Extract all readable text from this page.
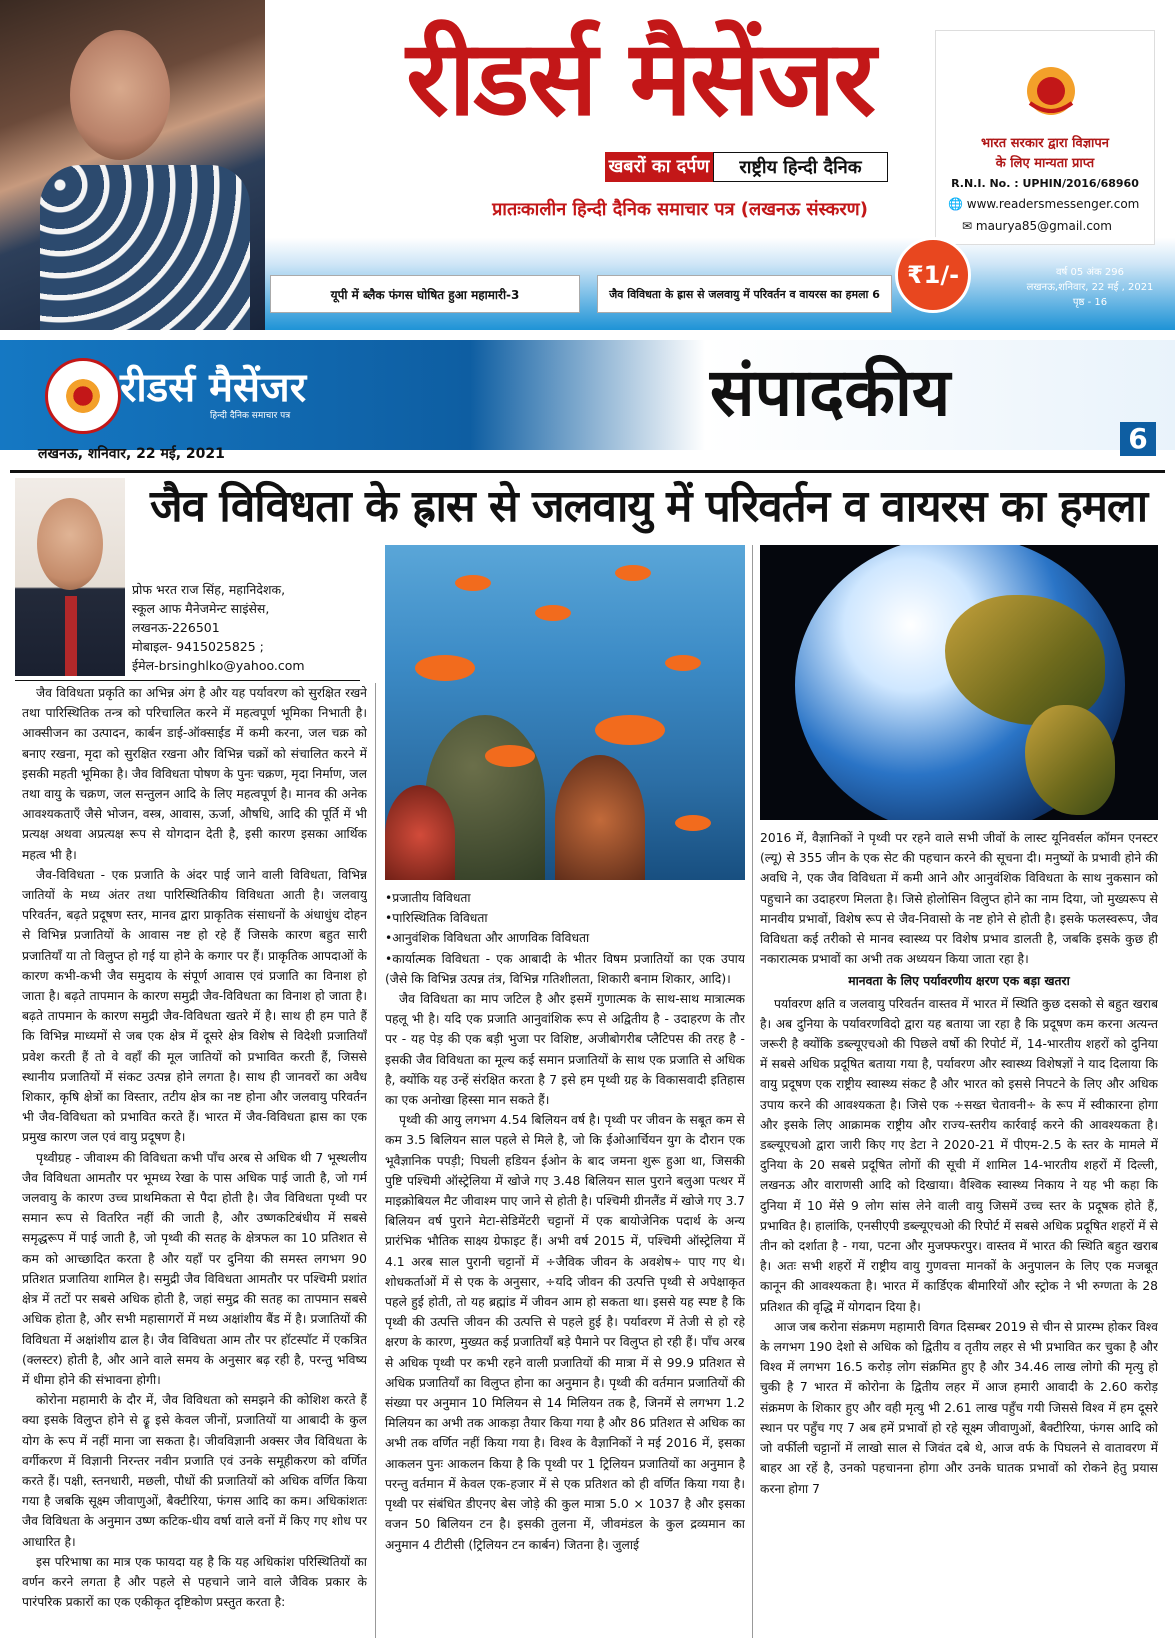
रीडर्स मैसेंजर
खबरों का दर्पण	राष्ट्रीय हिन्दी दैनिक
प्रातःकालीन हिन्दी दैनिक समाचार पत्र (लखनऊ संस्करण)
भारत सरकार द्वारा विज्ञापन
के लिए मान्यता प्राप्त
R.N.I. No. : UPHIN/2016/68960
🌐 www.readersmessenger.com
✉ maurya85@gmail.com
₹1/-	वर्ष 05 अंक 296
लखनऊ,शनिवार, 22 मई , 2021
पृष्ठ - 16
यूपी में ब्लैक फंगस घोषित हुआ महामारी-3	जैव विविधता के ह्रास से जलवायु में परिवर्तन व वायरस का हमला 6
रीडर्स मैसेंजर
हिन्दी दैनिक समाचार पत्र	संपादकीय
6
लखनऊ, शनिवार, 22 मई, 2021
जैव विविधता के ह्रास से जलवायु में परिवर्तन व वायरस का हमला
प्रोफ भरत राज सिंह, महानिदेशक,
स्कूल आफ मैनेजमेन्ट साइंसेस,
लखनऊ-226501
मोबाइल- 9415025825 ;
ईमेल-brsinghlko@yahoo.com

जैव विविधता प्रकृति का अभिन्न अंग है और यह पर्यावरण को सुरक्षित रखने तथा पारिस्थितिक तन्त्र को परिचालित करने में महत्वपूर्ण भूमिका निभाती है। आक्सीजन का उत्पादन, कार्बन डाई-ऑक्साईड में कमी करना, जल चक्र को बनाए रखना, मृदा को सुरक्षित रखना और विभिन्न चक्रों को संचालित करने में इसकी महती भूमिका है। जैव विविधता पोषण के पुनः चक्रण, मृदा निर्माण, जल तथा वायु के चक्रण, जल सन्तुलन आदि के लिए महत्वपूर्ण है। मानव की अनेक आवश्यकताएँ जैसे भोजन, वस्त्र, आवास, ऊर्जा, औषधि, आदि की पूर्ति में भी प्रत्यक्ष अथवा अप्रत्यक्ष रूप से योगदान देती है, इसी कारण इसका आर्थिक महत्व भी है।

जैव-विविधता - एक प्रजाति के अंदर पाई जाने वाली विविधता, विभिन्न जातियों के मध्य अंतर तथा पारिस्थितिकीय विविधता आती है। जलवायु परिवर्तन, बढ़ते प्रदूषण स्तर, मानव द्वारा प्राकृतिक संसाधनों के अंधाधुंध दोहन से विभिन्न प्रजातियों के आवास नष्ट हो रहे हैं जिसके कारण बहुत सारी प्रजातियाँ या तो विलुप्त हो गई या होने के कगार पर हैं। प्राकृतिक आपदाओं के कारण कभी-कभी जैव समुदाय के संपूर्ण आवास एवं प्रजाति का विनाश हो जाता है। बढ़ते तापमान के कारण समुद्री जैव-विविधता का विनाश हो जाता है। बढ़ते तापमान के कारण समुद्री जैव-विविधता खतरे में है। साथ ही हम पाते हैं कि विभिन्न माध्यमों से जब एक क्षेत्र में दूसरे क्षेत्र विशेष से विदेशी प्रजातियाँ प्रवेश करती हैं तो वे वहाँ की मूल जातियों को प्रभावित करती हैं, जिससे स्थानीय प्रजातियों में संकट उत्पन्न होने लगता है। साथ ही जानवरों का अवैध शिकार, कृषि क्षेत्रों का विस्तार, तटीय क्षेत्र का नष्ट होना और जलवायु परिवर्तन भी जैव-विविधता को प्रभावित करते हैं। भारत में जैव-विविधता ह्रास का एक प्रमुख कारण जल एवं वायु प्रदूषण है।

पृथ्वीग्रह - जीवाश्म की विविधता कभी पाँच अरब से अधिक थी 7 भूस्थलीय जैव विविधता आमतौर पर भूमध्य रेखा के पास अधिक पाई जाती है, जो गर्म जलवायु के कारण उच्च प्राथमिकता से पैदा होती है। जैव विविधता पृथ्वी पर समान रूप से वितरित नहीं की जाती है, और उष्णकटिबंधीय में सबसे समृद्धरूप में पाई जाती है, जो पृथ्वी की सतह के क्षेत्रफल का 10 प्रतिशत से कम को आच्छादित करता है और यहाँ पर दुनिया की समस्त लगभग 90 प्रतिशत प्रजातिया शामिल है। समुद्री जैव विविधता आमतौर पर पश्चिमी प्रशांत क्षेत्र में तटों पर सबसे अधिक होती है, जहां समुद्र की सतह का तापमान सबसे अधिक होता है, और सभी महासागरों में मध्य अक्षांशीय बैंड में है। प्रजातियों की विविधता में अक्षांशीय ढाल है। जैव विविधता आम तौर पर हॉटस्पॉट में एकत्रित (क्लस्टर) होती है, और आने वाले समय के अनुसार बढ़ रही है, परन्तु भविष्य में धीमा होने की संभावना होगी।

कोरोना महामारी के दौर में, जैव विविधता को समझने की कोशिश करते हैं क्या इसके विलुप्त होने से ढ्रू इसे केवल जीनों, प्रजातियों या आबादी के कुल योग के रूप में नहीं माना जा सकता है। जीवविज्ञानी अक्सर जैव विविधता के वर्गीकरण में विज्ञानी निरन्तर नवीन प्रजाति एवं उनके समूहीकरण को वर्णित करते हैं। पक्षी, स्तनधारी, मछली, पौधों की प्रजातियों को अधिक वर्णित किया गया है जबकि सूक्ष्म जीवाणुओं, बैक्टीरिया, फंगस आदि का कम। अधिकांशतः जैव विविधता के अनुमान उष्ण कटिक-धीय वर्षा वाले वनों में किए गए शोध पर आधारित है।

इस परिभाषा का मात्र एक फायदा यह है कि यह अधिकांश परिस्थितियों का वर्णन करने लगता है और पहले से पहचाने जाने वाले जैविक प्रकार के पारंपरिक प्रकारों का एक एकीकृत दृष्टिकोण प्रस्तुत करता है:

•प्रजातीय विविधता

•पारिस्थितिक विविधता

•आनुवंशिक विविधता और आणविक विविधता

•कार्यात्मक विविधता - एक आबादी के भीतर विषम प्रजातियों का एक उपाय (जैसे कि विभिन्न उत्पन्न तंत्र, विभिन्न गतिशीलता, शिकारी बनाम शिकार, आदि)।

जैव विविधता का माप जटिल है और इसमें गुणात्मक के साथ-साथ मात्रात्मक पहलू भी है। यदि एक प्रजाति आनुवांशिक रूप से अद्वितीय है - उदाहरण के तौर पर - यह पेड़ की एक बड़ी भुजा पर विशिष्ट, अजीबोगरीब प्लैटिपस की तरह है - इसकी जैव विविधता का मूल्य कई समान प्रजातियों के साथ एक प्रजाति से अधिक है, क्योंकि यह उन्हें संरक्षित करता है 7 इसे हम पृथ्वी ग्रह के विकासवादी इतिहास का एक अनोखा हिस्सा मान सकते हैं।

पृथ्वी की आयु लगभग 4.54 बिलियन वर्ष है। पृथ्वी पर जीवन के सबूत कम से कम 3.5 बिलियन साल पहले से मिले है, जो कि ईओआर्चियन युग के दौरान एक भूवैज्ञानिक पपड़ी; पिघली हडियन ईओन के बाद जमना शुरू हुआ था, जिसकी पुष्टि पश्चिमी ऑस्ट्रेलिया में खोजे गए 3.48 बिलियन साल पुराने बलुआ पत्थर में माइक्रोबियल मैट जीवाश्म पाए जाने से होती है। पश्चिमी ग्रीनलैंड में खोजे गए 3.7 बिलियन वर्ष पुराने मेटा-सेडिमेंटरी चट्टानों में एक बायोजेनिक पदार्थ के अन्य प्रारंभिक भौतिक साक्ष्य ग्रेफाइट हैं। अभी वर्ष 2015 में, पश्चिमी ऑस्ट्रेलिया में 4.1 अरब साल पुरानी चट्टानों में ÷जैविक जीवन के अवशेष÷ पाए गए थे। शोधकर्ताओं में से एक के अनुसार, ÷यदि जीवन की उत्पत्ति पृथ्वी से अपेक्षाकृत पहले हुई होती, तो यह ब्रह्मांड में जीवन आम हो सकता था। इससे यह स्पष्ट है कि पृथ्वी की उत्पत्ति जीवन की उत्पत्ति से पहले हुई है। पर्यावरण में तेजी से हो रहे क्षरण के कारण, मुख्यत कई प्रजातियाँ बड़े पैमाने पर विलुप्त हो रही हैं। पाँच अरब से अधिक पृथ्वी पर कभी रहने वाली प्रजातियों की मात्रा में से 99.9 प्रतिशत से अधिक प्रजातियाँ का विलुप्त होना का अनुमान है। पृथ्वी की वर्तमान प्रजातियों की संख्या पर अनुमान 10 मिलियन से 14 मिलियन तक है, जिनमें से लगभग 1.2 मिलियन का अभी तक आकड़ा तैयार किया गया है और 86 प्रतिशत से अधिक का अभी तक वर्णित नहीं किया गया है। विश्व के वैज्ञानिकों ने मई 2016 में, इसका आकलन पुनः आकलन किया है कि पृथ्वी पर 1 ट्रिलियन प्रजातियों का अनुमान है परन्तु वर्तमान में केवल एक-हजार में से एक प्रतिशत को ही वर्णित किया गया है। पृथ्वी पर संबंधित डीएनए बेस जोड़े की कुल मात्रा 5.0 × 1037 है और इसका वजन 50 बिलियन टन है। इसकी तुलना में, जीवमंडल के कुल द्रव्यमान का अनुमान 4 टीटीसी (ट्रिलियन टन कार्बन) जितना है। जुलाई

2016 में, वैज्ञानिकों ने पृथ्वी पर रहने वाले सभी जीवों के लास्ट यूनिवर्सल कॉमन एनस्टर (ल्यू) से 355 जीन के एक सेट की पहचान करने की सूचना दी। मनुष्यों के प्रभावी होने की अवधि ने, एक जैव विविधता में कमी आने और आनुवंशिक विविधता के साथ नुकसान को पहुचाने का उदाहरण मिलता है। जिसे होलोसिन विलुप्त होने का नाम दिया, जो मुख्यरूप से मानवीय प्रभावों, विशेष रूप से जैव-निवासो के नष्ट होने से होती है। इसके फलस्वरूप, जैव विविधता कई तरीको से मानव स्वास्थ्य पर विशेष प्रभाव डालती है, जबकि इसके कुछ ही नकारात्मक प्रभावों का अभी तक अध्ययन किया जाता रहा है।

मानवता के लिए पर्यावरणीय क्षरण एक बड़ा खतरा

पर्यावरण क्षति व जलवायु परिवर्तन वास्तव में भारत में स्थिति कुछ दसको से बहुत खराब है। अब दुनिया के पर्यावरणविदो द्वारा यह बताया जा रहा है कि प्रदूषण कम करना अत्यन्त जरूरी है क्योंकि डब्ल्यूएचओ की पिछले वर्षो की रिपोर्ट में, 14-भारतीय शहरों को दुनिया में सबसे अधिक प्रदूषित बताया गया है, पर्यावरण और स्वास्थ्य विशेषज्ञों ने याद दिलाया कि वायु प्रदूषण एक राष्ट्रीय स्वास्थ्य संकट है और भारत को इससे निपटने के लिए और अधिक उपाय करने की आवश्यकता है। जिसे एक ÷सख्त चेतावनी÷ के रूप में स्वीकारना होगा और इसके लिए आक्रामक राष्ट्रीय और राज्य-स्तरीय कार्रवाई करने की आवश्यकता है। डब्ल्यूएचओ द्वारा जारी किए गए डेटा ने 2020-21 में पीएम-2.5 के स्तर के मामले में दुनिया के 20 सबसे प्रदूषित लोगों की सूची में शामिल 14-भारतीय शहरों में दिल्ली, लखनऊ और वाराणसी आदि को दिखाया। वैश्विक स्वास्थ्य निकाय ने यह भी कहा कि दुनिया में 10 मेंसे 9 लोग सांस लेने वाली वायु जिसमें उच्च स्तर के प्रदूषक होते हैं, प्रभावित है। हालांकि, एनसीएपी डब्ल्यूएचओ की रिपोर्ट में सबसे अधिक प्रदूषित शहरों में से तीन को दर्शाता है - गया, पटना और मुजफ्फरपुर। वास्तव में भारत की स्थिति बहुत खराब है। अतः सभी शहरों में राष्ट्रीय वायु गुणवत्ता मानकों के अनुपालन के लिए एक मजबूत कानून की आवश्यकता है। भारत में कार्डिएक बीमारियों और स्ट्रोक ने भी रुग्णता के 28 प्रतिशत की वृद्धि में योगदान दिया है।

आज जब करोना संक्रमण महामारी विगत दिसम्बर 2019 से चीन से प्रारम्भ होकर विश्व के लगभग 190 देशो से अधिक को द्वितीय व तृतीय लहर से भी प्रभावित कर चुका है और विश्व में लगभग 16.5 करोड़ लोग संक्रमित हुए है और 34.46 लाख लोगो की मृत्यु हो चुकी है 7 भारत में कोरोना के द्वितीय लहर में आज हमारी आवादी के 2.60 करोड़ संक्रमण के शिकार हुए और वही मृत्यु भी 2.61 लाख पहुँच गयी जिससे विश्व में हम दूसरे स्थान पर पहुँच गए 7 अब हमें प्रभावों हो रहे सूक्ष्म जीवाणुओं, बैक्टीरिया, फंगस आदि को जो वर्फीली चट्टानों में लाखो साल से जिवंत दबे थे, आज वर्फ के पिघलने से वातावरण में बाहर आ रहें है, उनको पहचानना होगा और उनके घातक प्रभावों को रोकने हेतु प्रयास करना होगा 7
